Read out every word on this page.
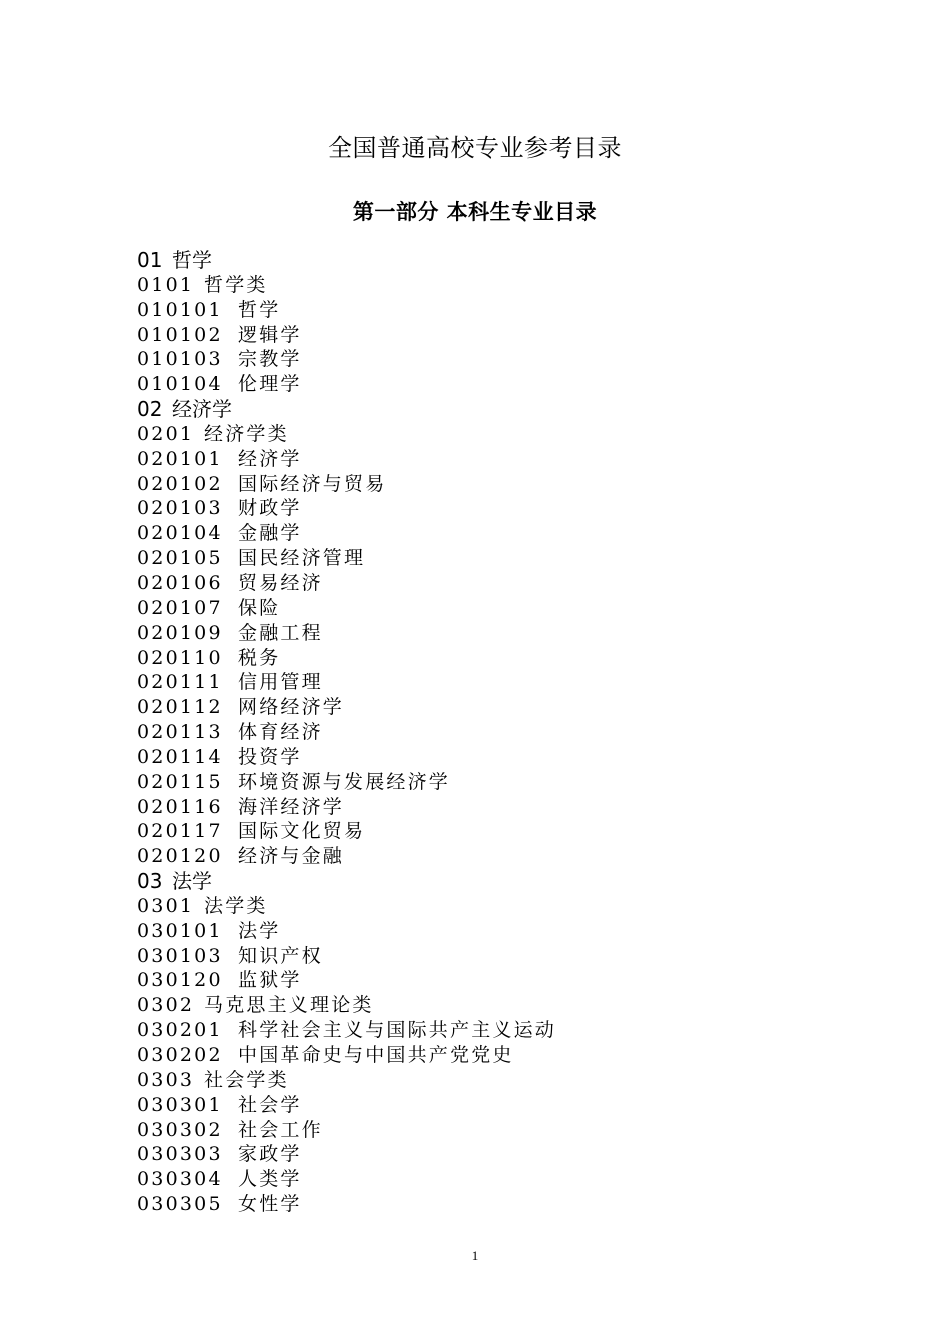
全国普通高校专业参考目录
第一部分 本科生专业目录
01 哲学
0101 哲学类
010101 哲学
010102 逻辑学
010103 宗教学
010104 伦理学
02 经济学
0201 经济学类
020101 经济学
020102 国际经济与贸易
020103 财政学
020104 金融学
020105 国民经济管理
020106 贸易经济
020107 保险
020109 金融工程
020110 税务
020111 信用管理
020112 网络经济学
020113 体育经济
020114 投资学
020115 环境资源与发展经济学
020116 海洋经济学
020117 国际文化贸易
020120 经济与金融
03 法学
0301 法学类
030101 法学
030103 知识产权
030120 监狱学
0302 马克思主义理论类
030201 科学社会主义与国际共产主义运动
030202 中国革命史与中国共产党党史
0303 社会学类
030301 社会学
030302 社会工作
030303 家政学
030304 人类学
030305 女性学
1
